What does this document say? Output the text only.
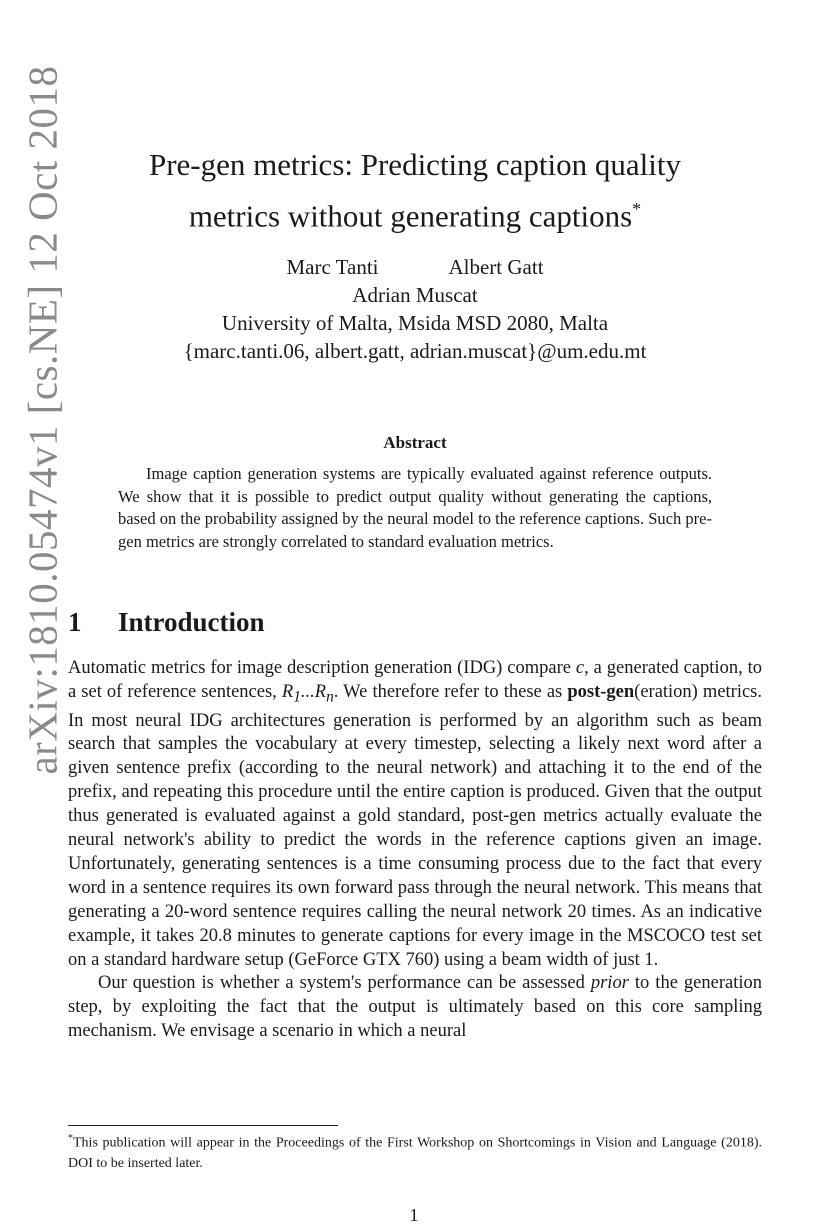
arXiv:1810.05474v1 [cs.NE] 12 Oct 2018	Pre-gen metrics: Predicting caption quality
metrics without generating captions*
Marc Tanti	Albert Gatt
Adrian Muscat
University of Malta, Msida MSD 2080, Malta
{marc.tanti.06, albert.gatt, adrian.muscat}@um.edu.mt
Abstract
Image caption generation systems are typically evaluated against reference outputs. We show that it is possible to predict output quality without generating the captions, based on the probability assigned by the neural model to the reference captions. Such pre-gen metrics are strongly correlated to standard evaluation metrics.
1 Introduction

Automatic metrics for image description generation (IDG) compare c, a generated caption, to a set of reference sentences, $R_1...R_n$. We therefore refer to these as post-gen(eration) metrics. In most neural IDG architectures generation is performed by an algorithm such as beam search that samples the vocabulary at every timestep, selecting a likely next word after a given sentence prefix (according to the neural network) and attaching it to the end of the prefix, and repeating this procedure until the entire caption is produced. Given that the output thus generated is evaluated against a gold standard, post-gen metrics actually evaluate the neural network's ability to predict the words in the reference captions given an image. Unfortunately, generating sentences is a time consuming process due to the fact that every word in a sentence requires its own forward pass through the neural network. This means that generating a 20-word sentence requires calling the neural network 20 times. As an indicative example, it takes 20.8 minutes to generate captions for every image in the MSCOCO test set on a standard hardware setup (GeForce GTX 760) using a beam width of just 1.

Our question is whether a system's performance can be assessed prior to the generation step, by exploiting the fact that the output is ultimately based on this core sampling mechanism. We envisage a scenario in which a neural

*This publication will appear in the Proceedings of the First Workshop on Shortcomings in Vision and Language (2018). DOI to be inserted later.
1
